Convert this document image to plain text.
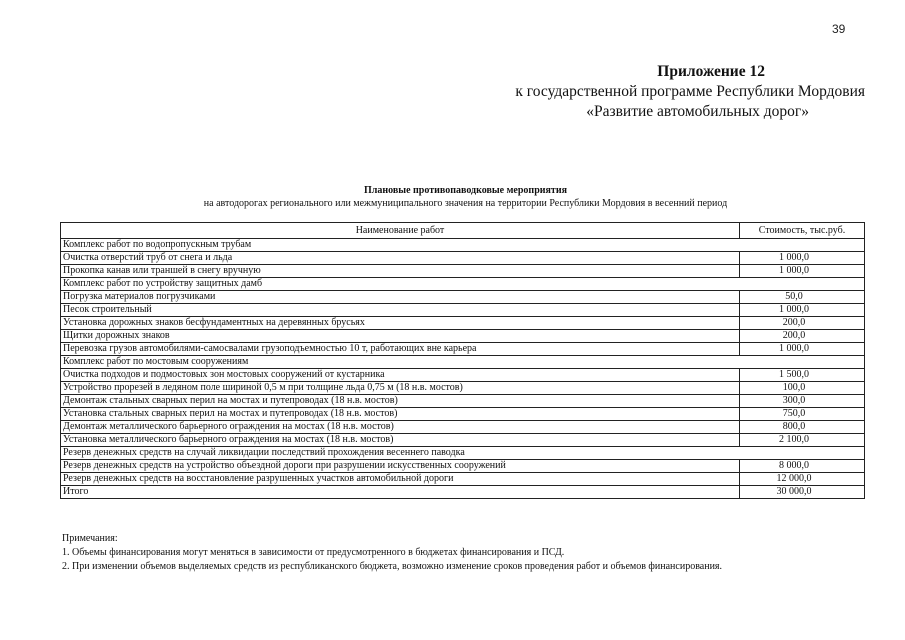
39
Приложение 12
к государственной программе Республики Мордовия
«Развитие автомобильных дорог»
Плановые противопаводковые мероприятия
на автодорогах регионального или межмуниципального значения на территории Республики Мордовия в весенний период
Наименование работ	Стоимость, тыс.руб.
Комплекс работ по водопропускным трубам	
Очистка отверстий труб от снега и льда	1 000,0
Прокопка канав или траншей в снегу вручную	1 000,0
Комплекс работ по устройству защитных дамб	
Погрузка материалов погрузчиками	50,0
Песок строительный	1 000,0
Установка дорожных знаков бесфундаментных на деревянных брусьях	200,0
Щитки дорожных знаков	200,0
Перевозка грузов автомобилями-самосвалами грузоподъемностью 10 т, работающих вне карьера	1 000,0
Комплекс работ по мостовым сооружениям	
Очистка подходов и подмостовых зон мостовых сооружений от кустарника	1 500,0
Устройство прорезей в ледяном поле шириной 0,5 м при толщине льда 0,75 м (18 н.в. мостов)	100,0
Демонтаж стальных сварных перил на мостах и путепроводах (18 н.в. мостов)	300,0
Установка стальных сварных перил на мостах и путепроводах (18 н.в. мостов)	750,0
Демонтаж металлического барьерного ограждения на мостах (18 н.в. мостов)	800,0
Установка металлического барьерного ограждения на мостах (18 н.в. мостов)	2 100,0
Резерв денежных средств на случай ликвидации последствий прохождения весеннего паводка	
Резерв денежных средств на устройство объездной дороги при разрушении искусственных сооружений	8 000,0
Резерв денежных средств на восстановление разрушенных участков автомобильной дороги	12 000,0
Итого	30 000,0
Примечания:
1. Объемы финансирования могут меняться в зависимости от предусмотренного в бюджетах финансирования и ПСД.
2. При изменении объемов выделяемых средств из республиканского бюджета, возможно изменение сроков проведения работ и объемов финансирования.
